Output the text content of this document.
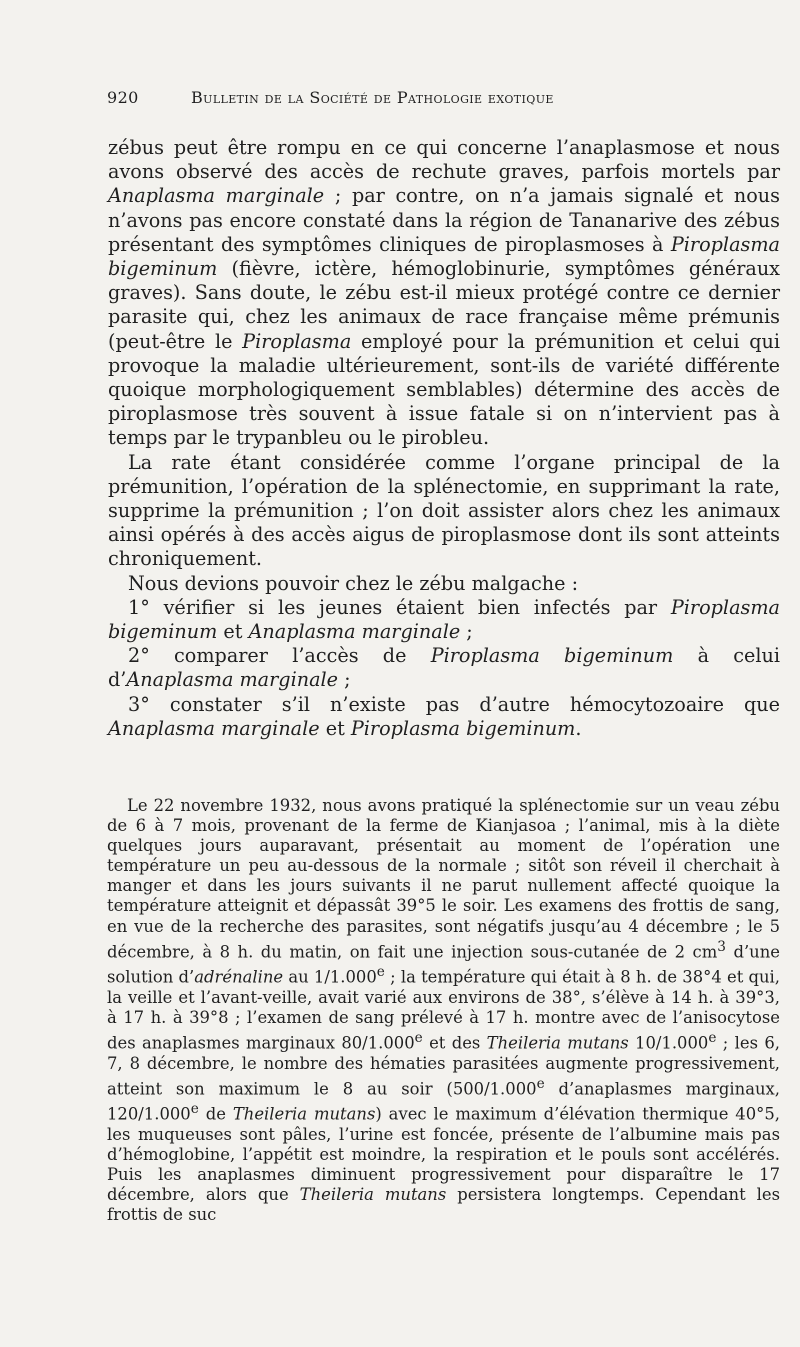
920	Bulletin de la Société de Pathologie exotique

zébus peut être rompu en ce qui concerne l’anaplasmose et nous avons observé des accès de rechute graves, parfois mortels par Anaplasma marginale ; par contre, on n’a jamais signalé et nous n’avons pas encore constaté dans la région de Tananarive des zébus présentant des symptômes cliniques de piroplasmoses à Piroplasma bigeminum (fièvre, ictère, hémoglobinurie, symptômes généraux graves). Sans doute, le zébu est-il mieux protégé contre ce dernier parasite qui, chez les animaux de race française même prémunis (peut-être le Piroplasma employé pour la prémunition et celui qui provoque la maladie ultérieurement, sont-ils de variété différente quoique morphologiquement semblables) détermine des accès de piroplasmose très souvent à issue fatale si on n’intervient pas à temps par le trypanbleu ou le pirobleu.

La rate étant considérée comme l’organe principal de la prémunition, l’opération de la splénectomie, en supprimant la rate, supprime la prémunition ; l’on doit assister alors chez les animaux ainsi opérés à des accès aigus de piroplasmose dont ils sont atteints chroniquement.

Nous devions pouvoir chez le zébu malgache :

1° vérifier si les jeunes étaient bien infectés par Piroplasma bigeminum et Anaplasma marginale ;

2° comparer l’accès de Piroplasma bigeminum à celui d’Anaplasma marginale ;

3° constater s’il n’existe pas d’autre hémocytozoaire que Anaplasma marginale et Piroplasma bigeminum.

Le 22 novembre 1932, nous avons pratiqué la splénectomie sur un veau zébu de 6 à 7 mois, provenant de la ferme de Kianjasoa ; l’animal, mis à la diète quelques jours auparavant, présentait au moment de l’opération une température un peu au-dessous de la normale ; sitôt son réveil il cherchait à manger et dans les jours suivants il ne parut nullement affecté quoique la température atteignit et dépassât 39°5 le soir. Les examens des frottis de sang, en vue de la recherche des parasites, sont négatifs jusqu’au 4 décembre ; le 5 décembre, à 8 h. du matin, on fait une injection sous-cutanée de 2 $cm^3$ d’une solution d’adrénaline au 1/1.000e ; la température qui était à 8 h. de 38°4 et qui, la veille et l’avant-veille, avait varié aux environs de 38°, s’élève à 14 h. à 39°3, à 17 h. à 39°8 ; l’examen de sang prélevé à 17 h. montre avec de l’anisocytose des anaplasmes marginaux 80/1.000e et des Theileria mutans 10/1.000e ; les 6, 7, 8 décembre, le nombre des hématies parasitées augmente progressivement, atteint son maximum le 8 au soir (500/1.000e d’anaplasmes marginaux, 120/1.000e de Theileria mutans) avec le maximum d’élévation thermique 40°5, les muqueuses sont pâles, l’urine est foncée, présente de l’albumine mais pas d’hémoglobine, l’appétit est moindre, la respiration et le pouls sont accélérés. Puis les anaplasmes diminuent progressivement pour disparaître le 17 décembre, alors que Theileria mutans persistera longtemps. Cependant les frottis de suc
